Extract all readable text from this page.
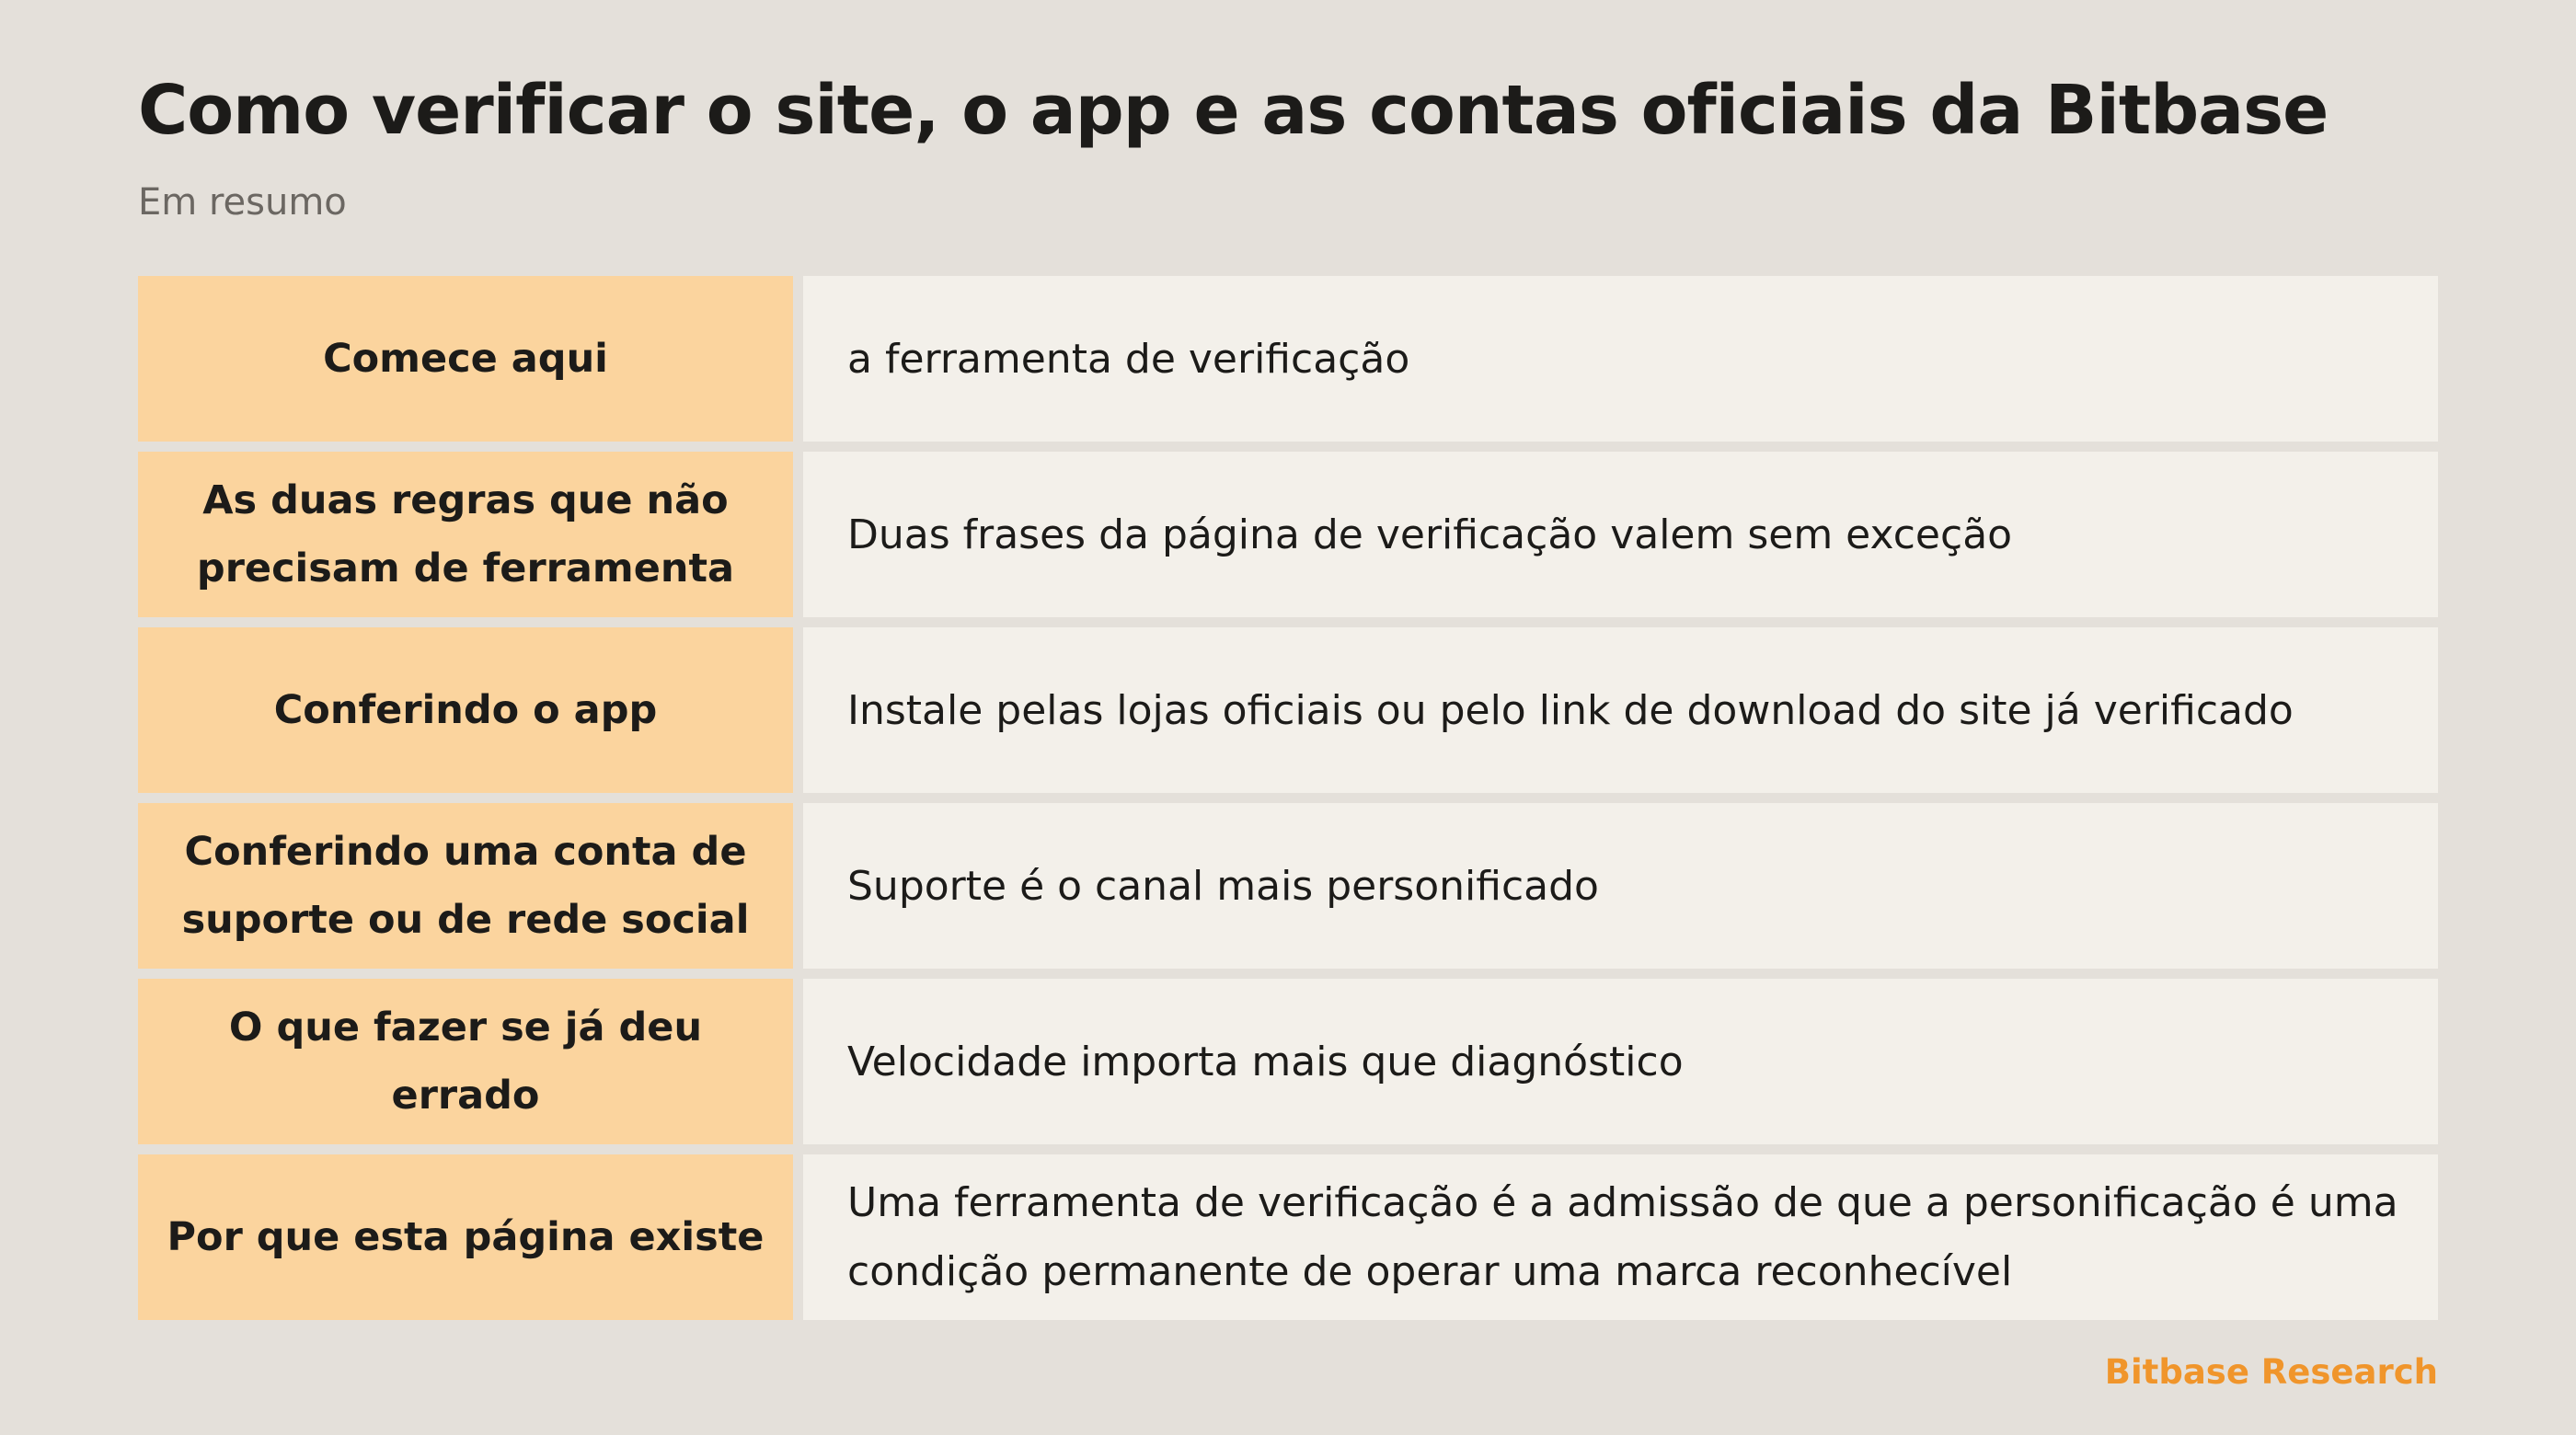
Como verificar o site, o app e as contas oficiais da Bitbase

Em resumo

Comece aqui	a ferramenta de verificação
As duas regras que não precisam de ferramenta
Duas frases da página de verificação valem sem exceção
Conferindo o app	Instale pelas lojas oficiais ou pelo link de download do site já verificado
Conferindo uma conta de suporte ou de rede social
Suporte é o canal mais personificado
O que fazer se já deu errado
Velocidade importa mais que diagnóstico
Por que esta página existe
Uma ferramenta de verificação é a admissão de que a personificação é uma condição permanente de operar uma marca reconhecível

Bitbase Research
